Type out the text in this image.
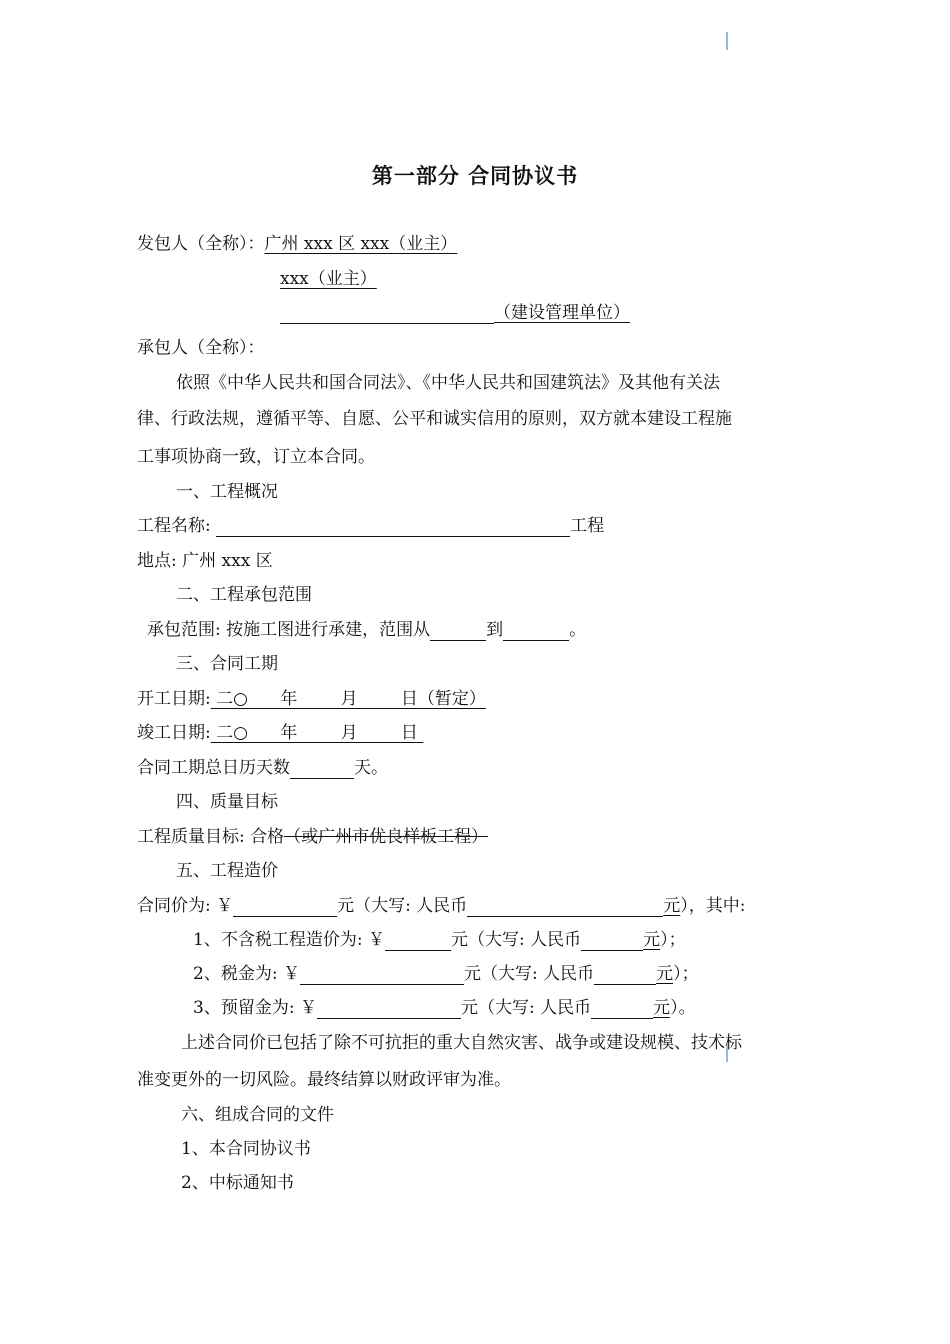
第一部分 合同协议书
发包人（全称）：广州 xxx 区 xxx（业主）
xxx（业主）
（建设管理单位）
承包人（全称）：
依照《中华人民共和国合同法》、《中华人民共和国建筑法》及其他有关法
律、行政法规，遵循平等、自愿、公平和诚实信用的原则，双方就本建设工程施
工事项协商一致，订立本合同。
一、工程概况
工程名称:	工程
地点: 广州 xxx 区
二、工程承包范围
承包范围: 按施工图进行承建，范围从	到	。
三、合同工期
开工日期: 二○      年        月        日（暂定）
竣工日期: 二○      年        月        日
合同工期总日历天数	天。
四、质量目标
工程质量目标: 合格（或广州市优良样板工程）
五、工程造价
合同价为: ￥	元（大写: 人民币	元），其中:
1、不含税工程造价为: ￥	元（大写: 人民币	元）；
2、税金为: ￥	元（大写: 人民币	元）；
3、预留金为: ￥	元（大写: 人民币	元）。
上述合同价已包括了除不可抗拒的重大自然灾害、战争或建设规模、技术标
准变更外的一切风险。最终结算以财政评审为准。
六、组成合同的文件
1、本合同协议书
2、中标通知书
